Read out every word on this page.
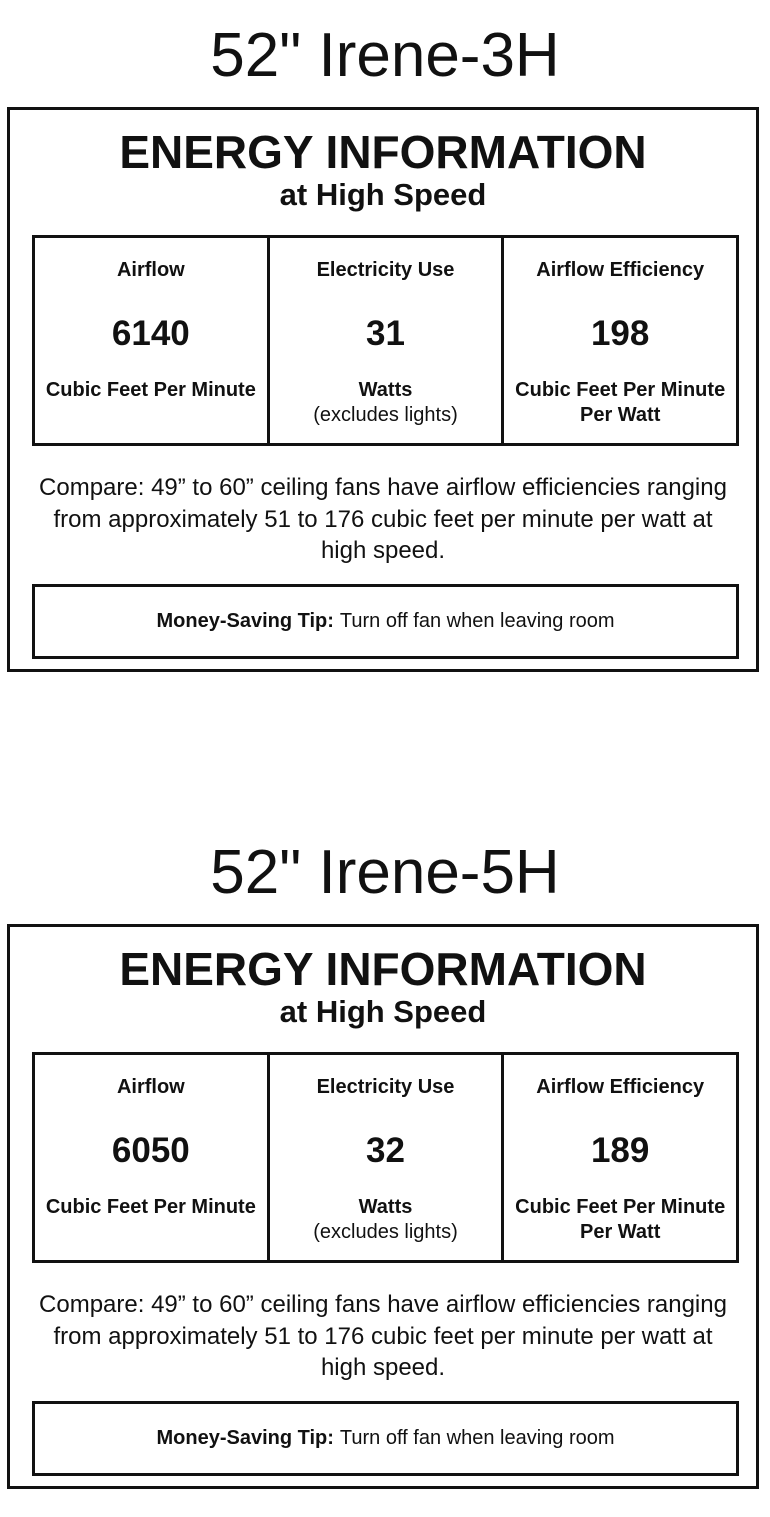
52" Irene-3H
ENERGY INFORMATION
at High Speed
Airflow
6140
Cubic Feet Per Minute
Electricity Use
31
Watts
(excludes lights)
Airflow Efficiency
198
Cubic Feet Per Minute Per Watt
Compare: 49” to 60” ceiling fans have airflow efficiencies ranging from approximately 51 to 176 cubic feet per minute per watt at high speed.
Money-Saving Tip: Turn off fan when leaving room
52" Irene-5H
ENERGY INFORMATION
at High Speed
Airflow
6050
Cubic Feet Per Minute
Electricity Use
32
Watts
(excludes lights)
Airflow Efficiency
189
Cubic Feet Per Minute Per Watt
Compare: 49” to 60” ceiling fans have airflow efficiencies ranging from approximately 51 to 176 cubic feet per minute per watt at high speed.
Money-Saving Tip: Turn off fan when leaving room
